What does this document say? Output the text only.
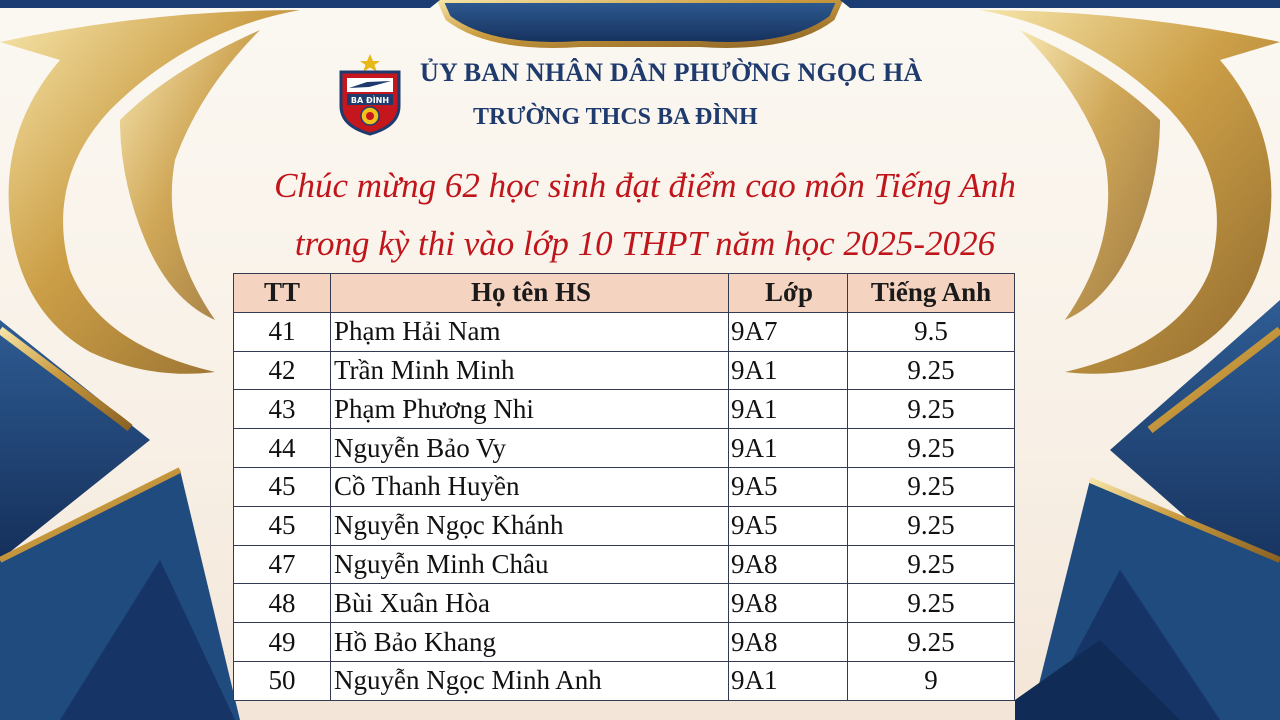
BA ĐÌNH
ỦY BAN NHÂN DÂN PHƯỜNG NGỌC HÀ
TRƯỜNG THCS BA ĐÌNH
Chúc mừng 62 học sinh đạt điểm cao môn Tiếng Anh
trong kỳ thi vào lớp 10 THPT năm học 2025-2026
TT	Họ tên HS	Lớp	Tiếng Anh
41	Phạm Hải Nam	9A7	9.5
42	Trần Minh Minh	9A1	9.25
43	Phạm Phương Nhi	9A1	9.25
44	Nguyễn Bảo Vy	9A1	9.25
45	Cồ Thanh Huyền	9A5	9.25
45	Nguyễn Ngọc Khánh	9A5	9.25
47	Nguyễn Minh Châu	9A8	9.25
48	Bùi Xuân Hòa	9A8	9.25
49	Hồ Bảo Khang	9A8	9.25
50	Nguyễn Ngọc Minh Anh	9A1	9
